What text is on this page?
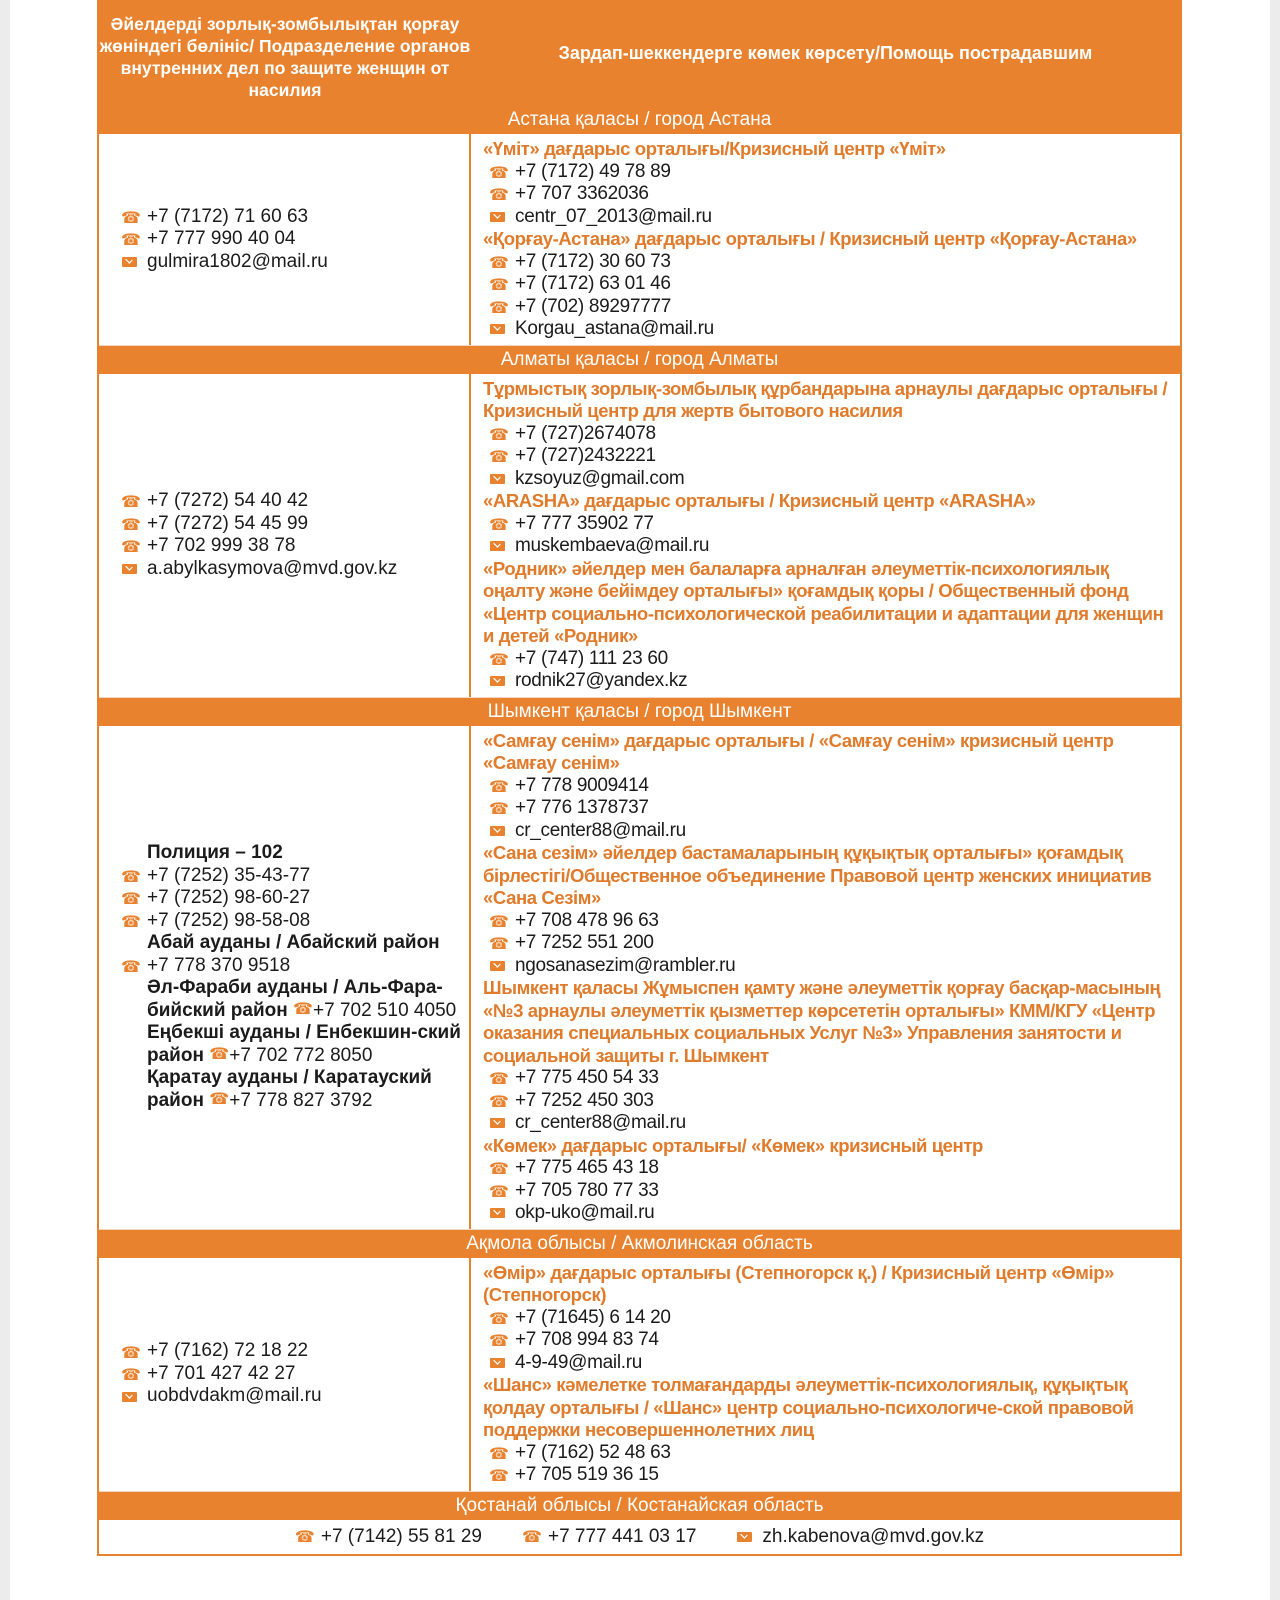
Әйелдерді зорлық-зомбылықтан қорғау жөніндегі бөлініс/ Подразделение органов внутренних дел по защите женщин от насилия
Зардап-шеккендерге көмек көрсету/Помощь пострадавшим
Астана қаласы / город Астана
☎
+7 (7172) 71 60 63
☎
+7 777 990 40 04
gulmira1802@mail.ru
«Үміт» дағдарыс орталығы/Кризисный центр «Үміт»
☎
+7 (7172) 49 78 89
☎
+7 707 3362036
centr_07_2013@mail.ru
«Қорғау-Астана» дағдарыс орталығы / Кризисный центр «Қорғау-Астана»
☎
+7 (7172) 30 60 73
☎
+7 (7172) 63 01 46
☎
+7 (702) 89297777
Korgau_astana@mail.ru
Алматы қаласы / город Алматы
☎
+7 (7272) 54 40 42
☎
+7 (7272) 54 45 99
☎
+7 702 999 38 78
a.abylkasymova@mvd.gov.kz
Тұрмыстық зорлық-зомбылық құрбандарына арнаулы дағдарыс орталығы / Кризисный центр для жертв бытового насилия
☎
+7 (727)2674078
☎
+7 (727)2432221
kzsoyuz@gmail.com
«ARASHA» дағдарыс орталығы / Кризисный центр «ARASHA»
☎
+7 777 35902 77
muskembaeva@mail.ru
«Родник» әйелдер мен балаларға арналған әлеуметтік-психологиялық оңалту және бейімдеу орталығы» қоғамдық қоры / Общественный фонд «Центр социально-психологической реабилитации и адаптации для женщин и детей «Родник»
☎
+7 (747) 111 23 60
rodnik27@yandex.kz
Шымкент қаласы / город Шымкент
Полиция – 102
☎
+7 (7252) 35-43-77
☎
+7 (7252) 98-60-27
☎
+7 (7252) 98-58-08
Абай ауданы / Абайский район
☎
+7 778 370 9518
Әл-Фараби ауданы / Аль-Фара-бийский район ☎ +7 702 510 4050
Еңбекші ауданы / Енбекшин-ский район ☎ +7 702 772 8050
Қаратау ауданы / Каратауский район ☎ +7 778 827 3792
«Самғау сенім» дағдарыс орталығы / «Самғау сенім» кризисный центр «Самғау сенім»
☎
+7 778 9009414
☎
+7 776 1378737
cr_center88@mail.ru
«Сана сезім» әйелдер бастамаларының құқықтық орталығы» қоғамдық бірлестігі/Общественное объединение Правовой центр женских инициатив «Сана Сезім»
☎
+7 708 478 96 63
☎
+7 7252 551 200
ngosanasezim@rambler.ru
Шымкент қаласы Жұмыспен қамту және әлеуметтік қорғау басқар-масының «№3 арнаулы әлеуметтік қызметтер көрсететін орталығы» КММ/КГУ «Центр оказания специальных социальных Услуг №3» Управления занятости и социальной защиты г. Шымкент
☎
+7 775 450 54 33
☎
+7 7252 450 303
cr_center88@mail.ru
«Көмек» дағдарыс орталығы/ «Көмек» кризисный центр
☎
+7 775 465 43 18
☎
+7 705 780 77 33
okp-uko@mail.ru
Ақмола облысы / Акмолинская область
☎
+7 (7162) 72 18 22
☎
+7 701 427 42 27
uobdvdakm@mail.ru
«Өмір» дағдарыс орталығы (Степногорск қ.) / Кризисный центр «Өмір» (Степногорск)
☎
+7 (71645) 6 14 20
☎
+7 708 994 83 74
4-9-49@mail.ru
«Шанс» кәмелетке толмағандарды әлеуметтік-психологиялық, құқықтық қолдау орталығы / «Шанс» центр социально-психологиче-ской правовой поддержки несовершеннолетних лиц
☎
+7 (7162) 52 48 63
☎
+7 705 519 36 15
Қостанай облысы / Костанайская область
☎
+7 (7142) 55 81 29 ☎	+7 777 441 03 17	zh.kabenova@mvd.gov.kz
